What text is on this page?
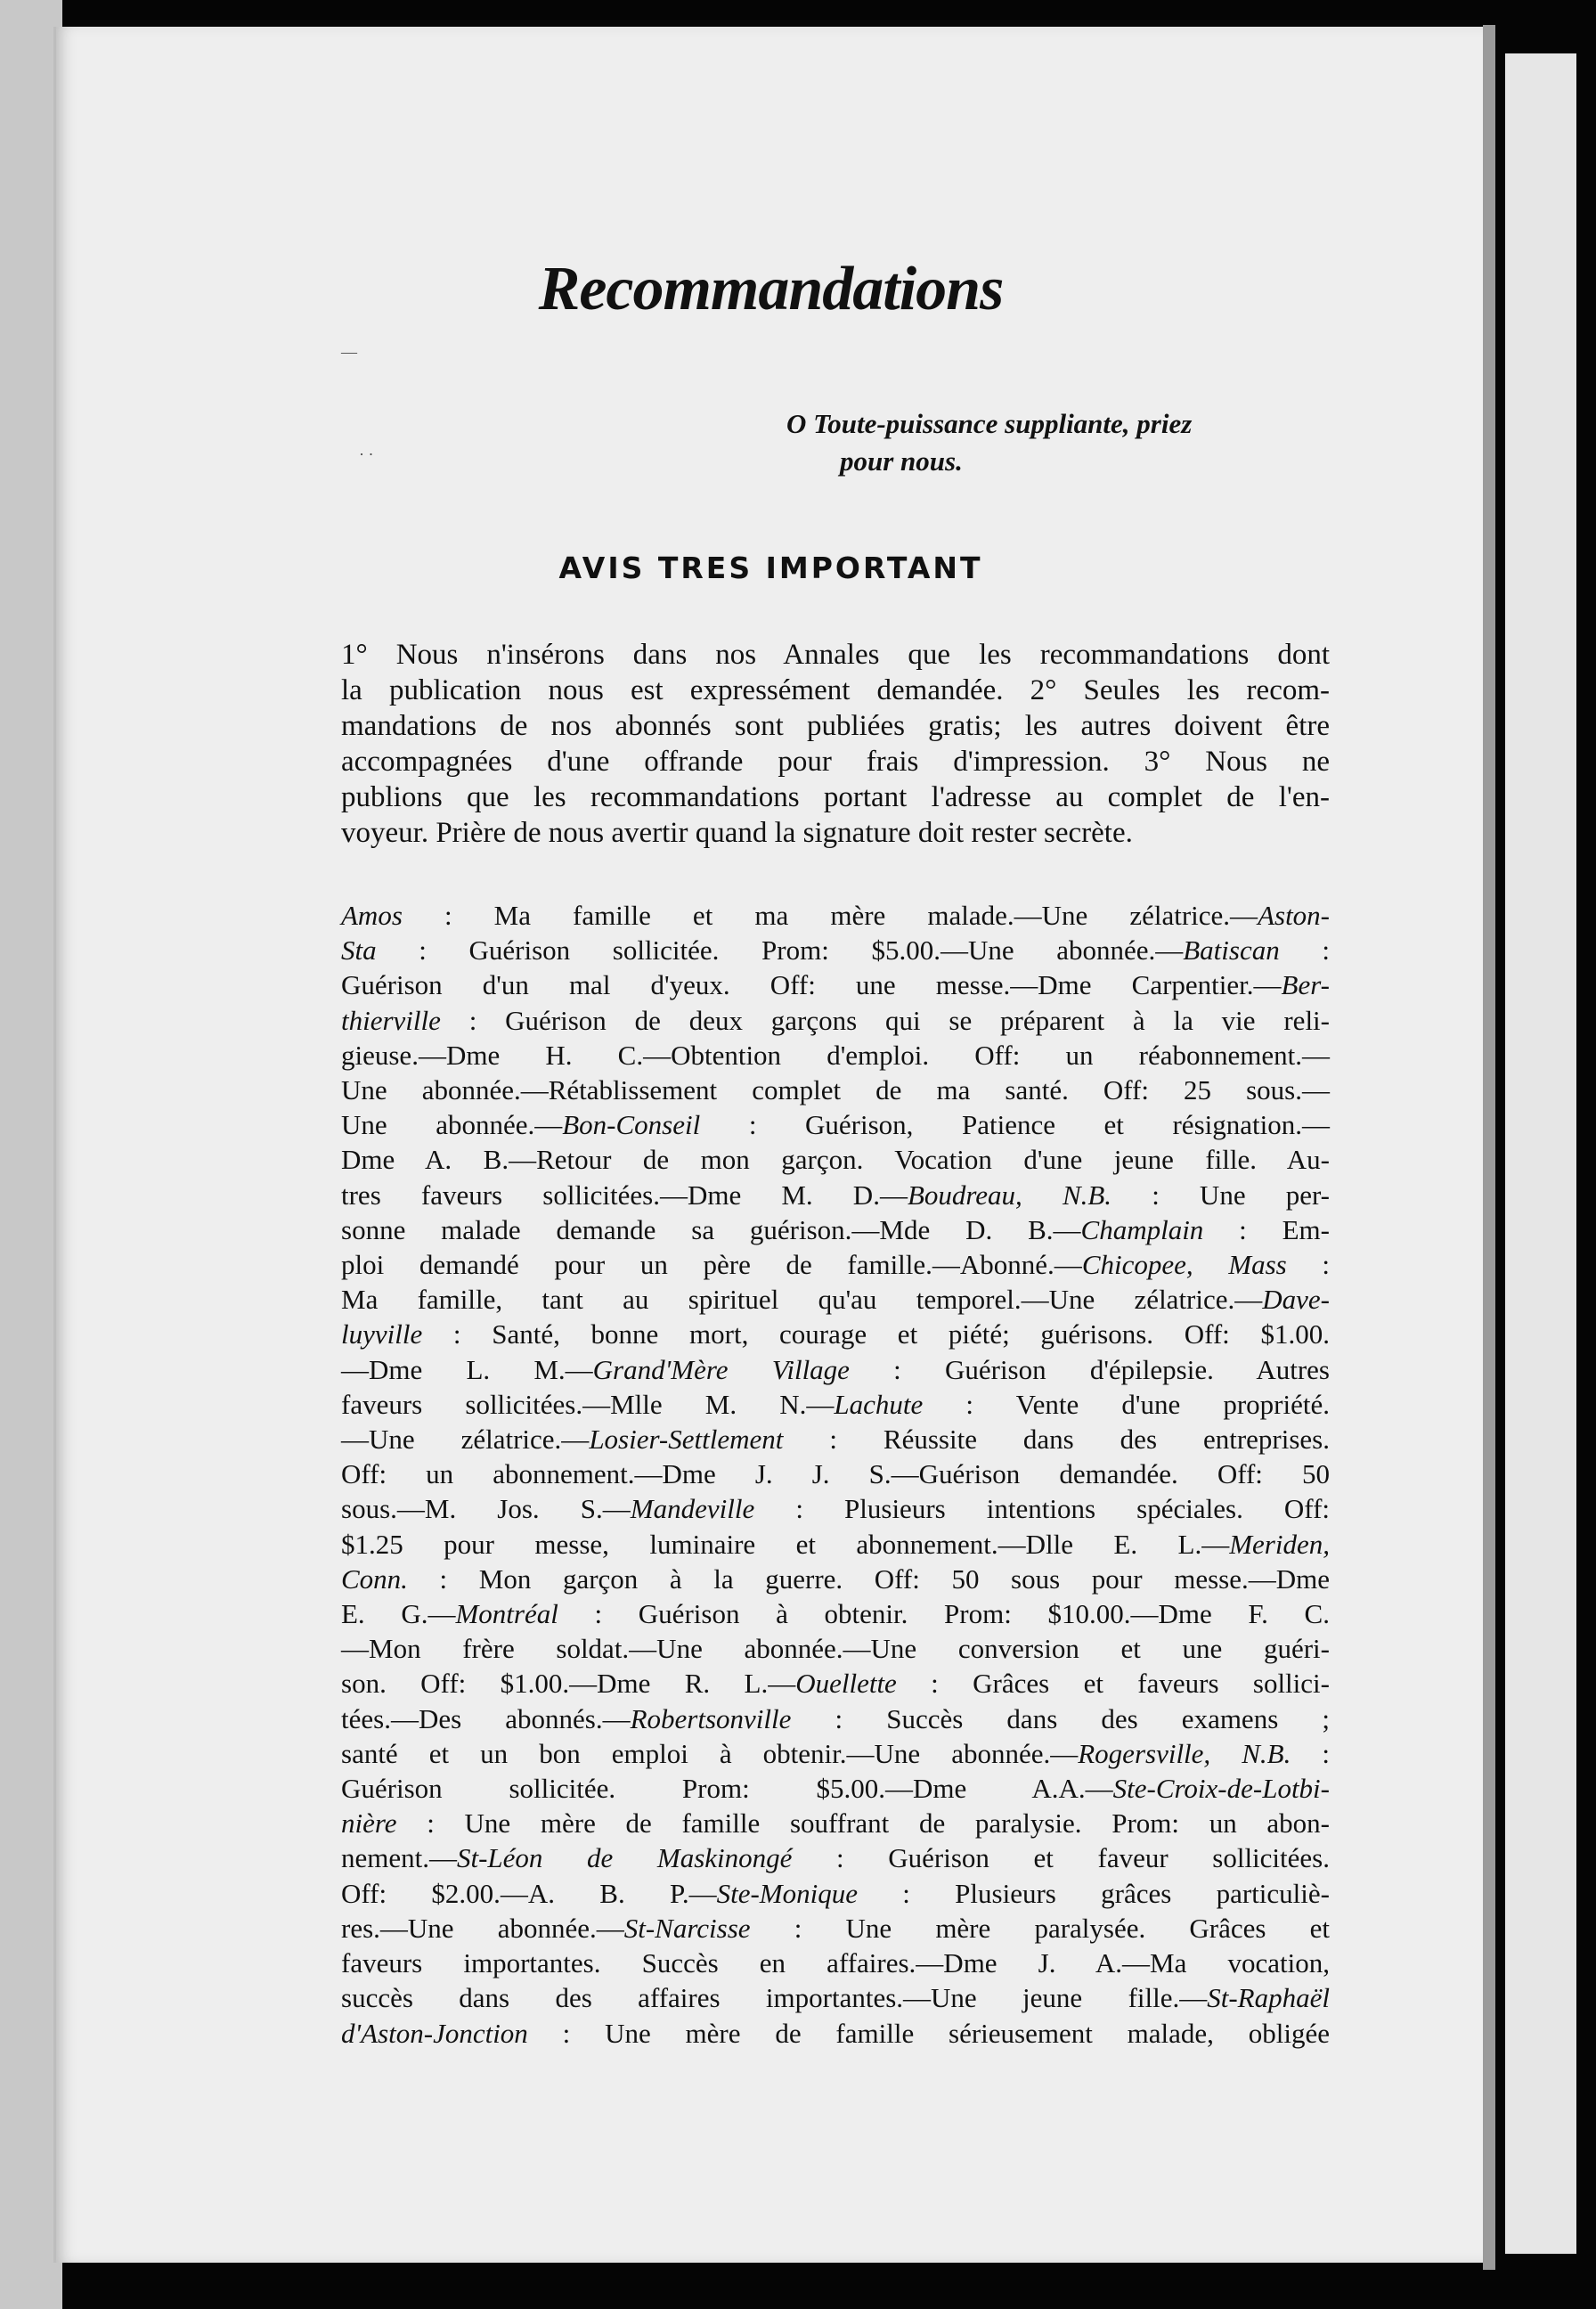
—
· ·
Recommandations
O Toute-puissance suppliante, priez
pour nous.
AVIS TRES IMPORTANT
1° Nous n'insérons dans nos Annales que les recommandations dont
la publication nous est expressément demandée. 2° Seules les recom-
mandations de nos abonnés sont publiées gratis; les autres doivent être
accompagnées d'une offrande pour frais d'impression. 3° Nous ne
publions que les recommandations portant l'adresse au complet de l'en-
voyeur. Prière de nous avertir quand la signature doit rester secrète.
Amos : Ma famille et ma mère malade.—Une zélatrice.—Aston-
Sta : Guérison sollicitée. Prom: $5.00.—Une abonnée.—Batiscan :
Guérison d'un mal d'yeux. Off: une messe.—Dme Carpentier.—Ber-
thierville : Guérison de deux garçons qui se préparent à la vie reli-
gieuse.—Dme H. C.—Obtention d'emploi. Off: un réabonnement.—
Une abonnée.—Rétablissement complet de ma santé. Off: 25 sous.—
Une abonnée.—Bon-Conseil : Guérison, Patience et résignation.—
Dme A. B.—Retour de mon garçon. Vocation d'une jeune fille. Au-
tres faveurs sollicitées.—Dme M. D.—Boudreau, N.B. : Une per-
sonne malade demande sa guérison.—Mde D. B.—Champlain : Em-
ploi demandé pour un père de famille.—Abonné.—Chicopee, Mass :
Ma famille, tant au spirituel qu'au temporel.—Une zélatrice.—Dave-
luyville : Santé, bonne mort, courage et piété; guérisons. Off: $1.00.
—Dme L. M.—Grand'Mère Village : Guérison d'épilepsie. Autres
faveurs sollicitées.—Mlle M. N.—Lachute : Vente d'une propriété.
—Une zélatrice.—Losier-Settlement : Réussite dans des entreprises.
Off: un abonnement.—Dme J. J. S.—Guérison demandée. Off: 50
sous.—M. Jos. S.—Mandeville : Plusieurs intentions spéciales. Off:
$1.25 pour messe, luminaire et abonnement.—Dlle E. L.—Meriden,
Conn. : Mon garçon à la guerre. Off: 50 sous pour messe.—Dme
E. G.—Montréal : Guérison à obtenir. Prom: $10.00.—Dme F. C.
—Mon frère soldat.—Une abonnée.—Une conversion et une guéri-
son. Off: $1.00.—Dme R. L.—Ouellette : Grâces et faveurs sollici-
tées.—Des abonnés.—Robertsonville : Succès dans des examens ;
santé et un bon emploi à obtenir.—Une abonnée.—Rogersville, N.B. :
Guérison sollicitée. Prom: $5.00.—Dme A.A.—Ste-Croix-de-Lotbi-
nière : Une mère de famille souffrant de paralysie. Prom: un abon-
nement.—St-Léon de Maskinongé : Guérison et faveur sollicitées.
Off: $2.00.—A. B. P.—Ste-Monique : Plusieurs grâces particuliè-
res.—Une abonnée.—St-Narcisse : Une mère paralysée. Grâces et
faveurs importantes. Succès en affaires.—Dme J. A.—Ma vocation,
succès dans des affaires importantes.—Une jeune fille.—St-Raphaël
d'Aston-Jonction : Une mère de famille sérieusement malade, obligée
